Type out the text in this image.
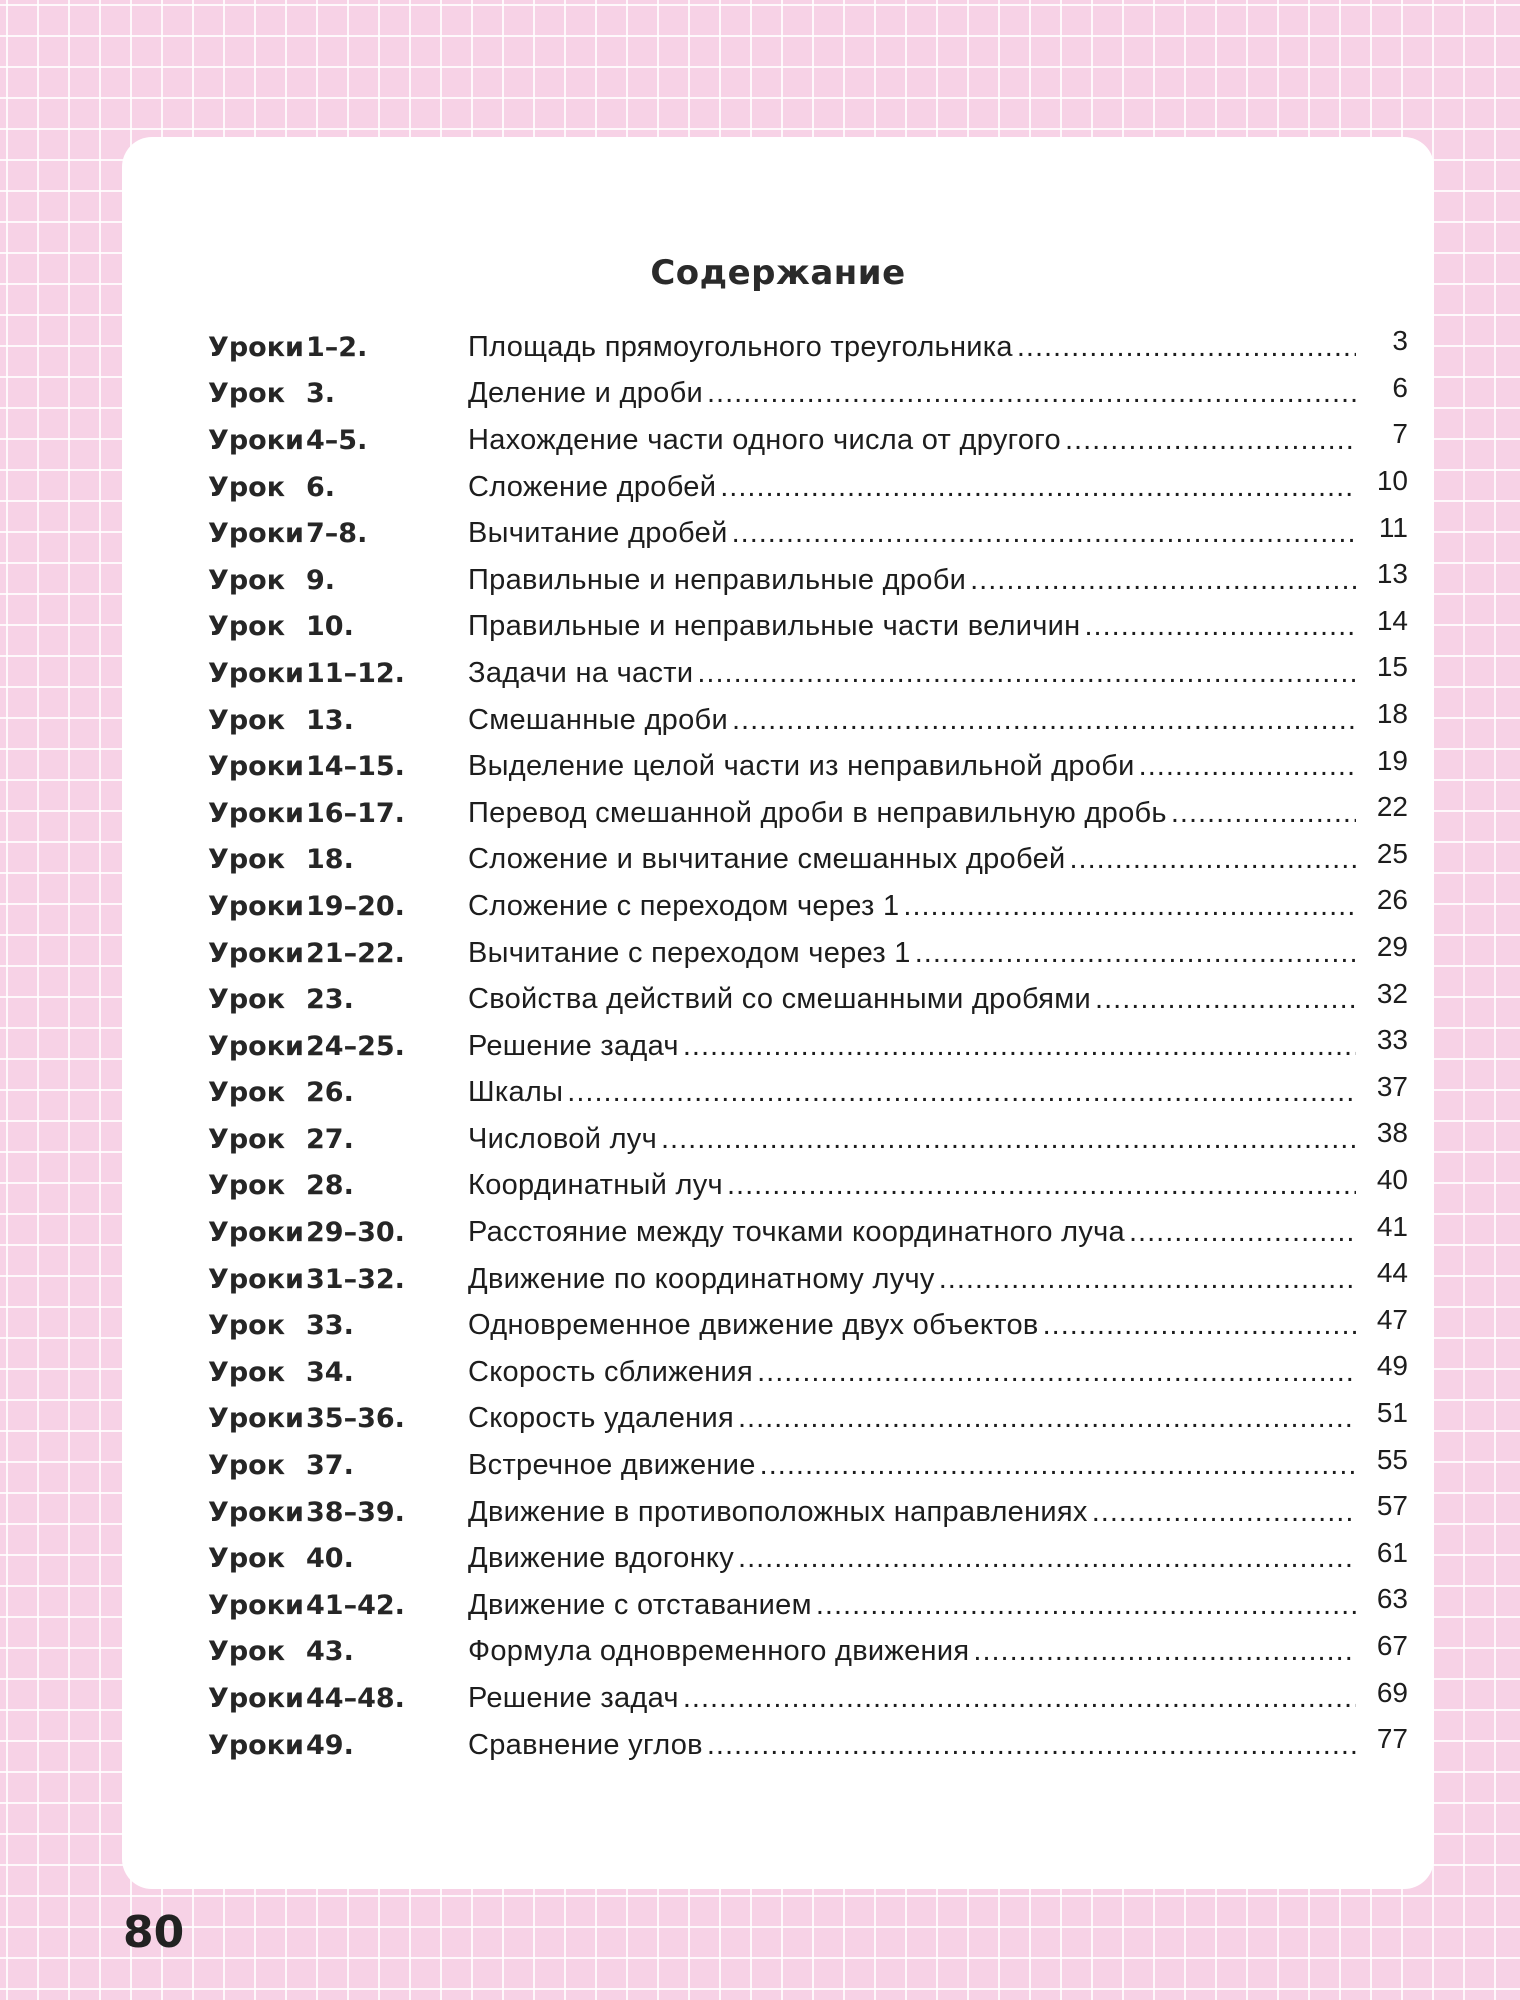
Содержание
Уроки 1–2.	Площадь прямоугольного треугольника .....	3
Урок 3.	Деление и дроби .....	6
Уроки 4–5.	Нахождение части одного числа от другого .....	7
Урок 6.	Сложение дробей .....	10
Уроки 7–8.	Вычитание дробей .....	11
Урок 9.	Правильные и неправильные дроби .....	13
Урок 10.	Правильные и неправильные части величин .....	14
Уроки 11–12.	Задачи на части .....	15
Урок 13.	Смешанные дроби .....	18
Уроки 14–15.	Выделение целой части из неправильной дроби .....	19
Уроки 16–17.	Перевод смешанной дроби в неправильную дробь .....	22
Урок 18.	Сложение и вычитание смешанных дробей .....	25
Уроки 19–20.	Сложение с переходом через 1 .....	26
Уроки 21–22.	Вычитание с переходом через 1 .....	29
Урок 23.	Свойства действий со смешанными дробями .....	32
Уроки 24–25.	Решение задач .....	33
Урок 26.	Шкалы .....	37
Урок 27.	Числовой луч .....	38
Урок 28.	Координатный луч .....	40
Уроки 29–30.	Расстояние между точками координатного луча .....	41
Уроки 31–32.	Движение по координатному лучу .....	44
Урок 33.	Одновременное движение двух объектов .....	47
Урок 34.	Скорость сближения .....	49
Уроки 35–36.	Скорость удаления .....	51
Урок 37.	Встречное движение .....	55
Уроки 38–39.	Движение в противоположных направлениях .....	57
Урок 40.	Движение вдогонку .....	61
Уроки 41–42.	Движение с отставанием .....	63
Урок 43.	Формула одновременного движения .....	67
Уроки 44–48.	Решение задач .....	69
Уроки 49.	Сравнение углов .....	77
80
